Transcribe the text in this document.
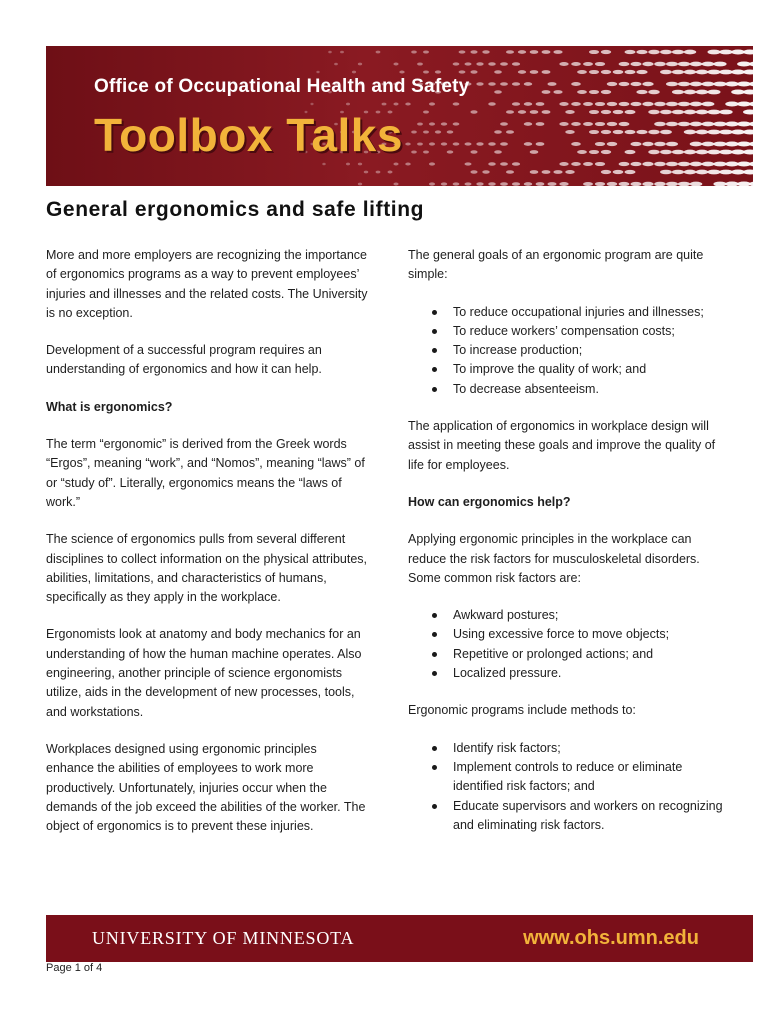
Office of Occupational Health and Safety
Toolbox Talks
General ergonomics and safe lifting

More and more employers are recognizing the importance of ergonomics programs as a way to prevent employees’ injuries and illnesses and the related costs. The University is no exception.

Development of a successful program requires an understanding of ergonomics and how it can help.

What is ergonomics?

The term “ergonomic” is derived from the Greek words “Ergos”, meaning “work”, and “Nomos”, meaning “laws” of or “study of”. Literally, ergonomics means the “laws of work.”

The science of ergonomics pulls from several different disciplines to collect information on the physical attributes, abilities, limitations, and characteristics of humans, specifically as they apply in the workplace.

Ergonomists look at anatomy and body mechanics for an understanding of how the human machine operates. Also engineering, another principle of science ergonomists utilize, aids in the development of new processes, tools, and workstations.

Workplaces designed using ergonomic principles enhance the abilities of employees to work more productively. Unfortunately, injuries occur when the demands of the job exceed the abilities of the worker. The object of ergonomics is to prevent these injuries.

The general goals of an ergonomic program are quite simple:

To reduce occupational injuries and illnesses;
To reduce workers’ compensation costs;
To increase production;
To improve the quality of work; and
To decrease absenteeism.

The application of ergonomics in workplace design will assist in meeting these goals and improve the quality of life for employees.

How can ergonomics help?

Applying ergonomic principles in the workplace can reduce the risk factors for musculoskeletal disorders. Some common risk factors are:

Awkward postures;
Using excessive force to move objects;
Repetitive or prolonged actions; and
Localized pressure.

Ergonomic programs include methods to:

Identify risk factors;
Implement controls to reduce or eliminate identified risk factors; and
Educate supervisors and workers on recognizing and eliminating risk factors.
UNIVERSITY OF MINNESOTA	www.ohs.umn.edu
Page 1 of 4
